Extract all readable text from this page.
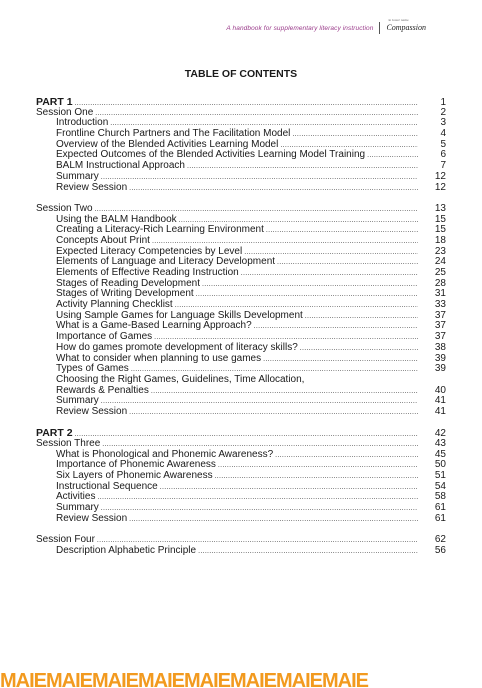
A handbook for supplementary literacy instruction
in Jesus' name
Compassion
TABLE OF CONTENTS
PART 1 .....	1
Session One .....	2
Introduction .....	3
Frontline Church Partners and The Facilitation Model .....	4
Overview of the Blended Activities Learning Model .....	5
Expected Outcomes of the Blended Activities Learning Model Training .....	6
BALM Instructional Approach .....	7
Summary .....	12
Review Session .....	12
Session Two .....	13
Using the BALM Handbook .....	15
Creating a Literacy-Rich Learning Environment .....	15
Concepts About Print .....	18
Expected Literacy Competencies by Level .....	23
Elements of Language and Literacy Development .....	24
Elements of Effective Reading Instruction .....	25
Stages of Reading Development .....	28
Stages of Writing Development .....	31
Activity Planning Checklist .....	33
Using Sample Games for Language Skills Development .....	37
What is a Game-Based Learning Approach? .....	37
Importance of Games .....	37
How do games promote development of literacy skills? .....	38
What to consider when planning to use games .....	39
Types of Games .....	39
Choosing the Right Games, Guidelines, Time Allocation,
Rewards & Penalties .....	40
Summary .....	41
Review Session .....	41
PART 2 .....	42
Session Three .....	43
What is Phonological and Phonemic Awareness? .....	45
Importance of Phonemic Awareness .....	50
Six Layers of Phonemic Awareness .....	51
Instructional Sequence .....	54
Activities .....	58
Summary .....	61
Review Session .....	61
Session Four .....	62
Description Alphabetic Principle .....	56
MAIEMAIEMAIEMAIEMAIEMAIEMAIEMAIE
